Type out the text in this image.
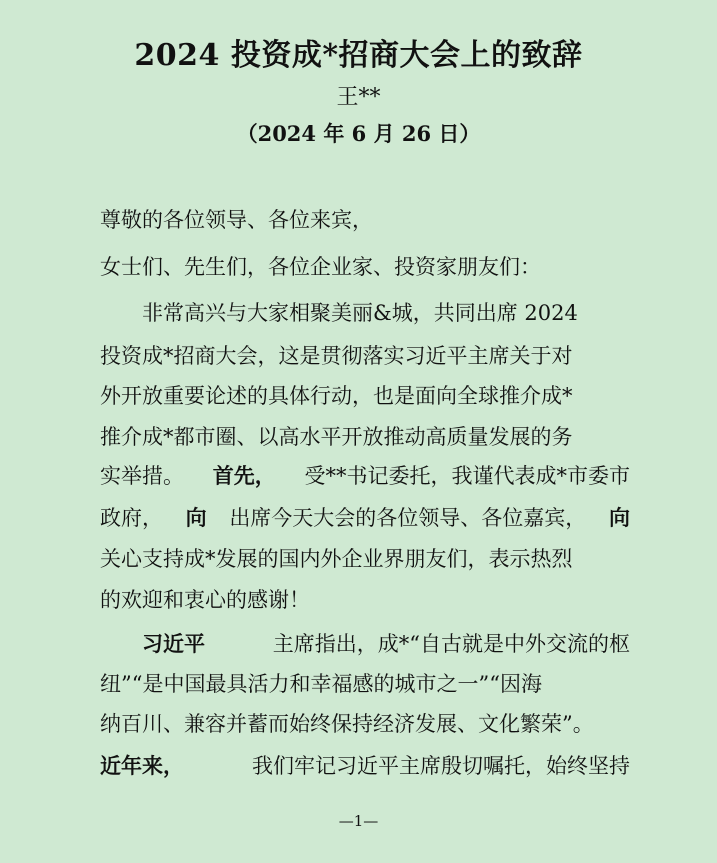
2024 投资成*招商大会上的致辞
王**
（2024 年 6 月 26 日）
尊敬的各位领导、各位来宾，
女士们、先生们，各位企业家、投资家朋友们：
非常高兴与大家相聚美丽&城，共同出席 2024
投资成*招商大会，这是贯彻落实习近平主席关于对
外开放重要论述的具体行动，也是面向全球推介成*
推介成*都市圈、以高水平开放推动高质量发展的务
实举措。 首先， 受**书记委托，我谨代表成*市委市
政府， 向 出席今天大会的各位领导、各位嘉宾， 向
关心支持成*发展的国内外企业界朋友们，表示热烈
的欢迎和衷心的感谢！
习近平	主席指出，成*“自古就是中外交流的枢
纽”“是中国最具活力和幸福感的城市之一”“因海
纳百川、兼容并蓄而始终保持经济发展、文化繁荣”。
近年来，	我们牢记习近平主席殷切嘱托，始终坚持
—1—
